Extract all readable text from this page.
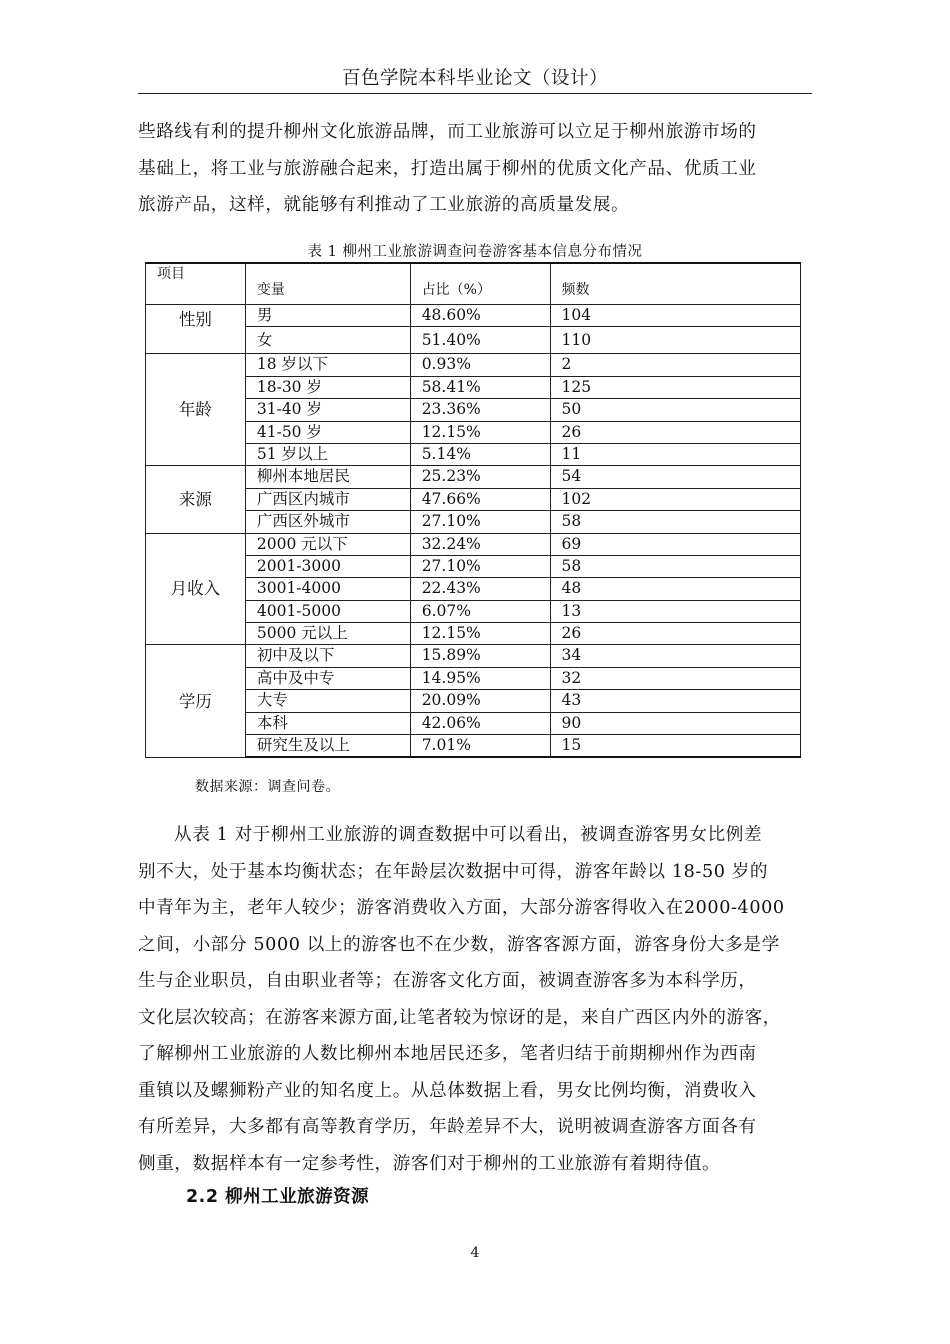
百色学院本科毕业论文（设计）
些路线有利的提升柳州文化旅游品牌，而工业旅游可以立足于柳州旅游市场的
基础上，将工业与旅游融合起来，打造出属于柳州的优质文化产品、优质工业
旅游产品，这样，就能够有利推动了工业旅游的高质量发展。
表 1 柳州工业旅游调查问卷游客基本信息分布情况
项目	变量	占比（%）	频数
性别	男	48.60%	104
	女	51.40%	110
年龄	18 岁以下	0.93%	2
	18-30 岁	58.41%	125
	31-40 岁	23.36%	50
	41-50 岁	12.15%	26
	51 岁以上	5.14%	11
来源	柳州本地居民	25.23%	54
	广西区内城市	47.66%	102
	广西区外城市	27.10%	58
月收入	2000 元以下	32.24%	69
	2001-3000	27.10%	58
	3001-4000	22.43%	48
	4001-5000	6.07%	13
	5000 元以上	12.15%	26
学历	初中及以下	15.89%	34
	高中及中专	14.95%	32
	大专	20.09%	43
	本科	42.06%	90
	研究生及以上	7.01%	15
数据来源：调查问卷。
从表 1 对于柳州工业旅游的调查数据中可以看出，被调查游客男女比例差
别不大，处于基本均衡状态；在年龄层次数据中可得，游客年龄以 18-50 岁的
中青年为主，老年人较少；游客消费收入方面，大部分游客得收入在2000-4000
之间，小部分 5000 以上的游客也不在少数，游客客源方面，游客身份大多是学
生与企业职员，自由职业者等；在游客文化方面，被调查游客多为本科学历，
文化层次较高；在游客来源方面,让笔者较为惊讶的是，来自广西区内外的游客，
了解柳州工业旅游的人数比柳州本地居民还多，笔者归结于前期柳州作为西南
重镇以及螺狮粉产业的知名度上。从总体数据上看，男女比例均衡，消费收入
有所差异，大多都有高等教育学历，年龄差异不大，说明被调查游客方面各有
侧重，数据样本有一定参考性，游客们对于柳州的工业旅游有着期待值。
2.2 柳州工业旅游资源
4
